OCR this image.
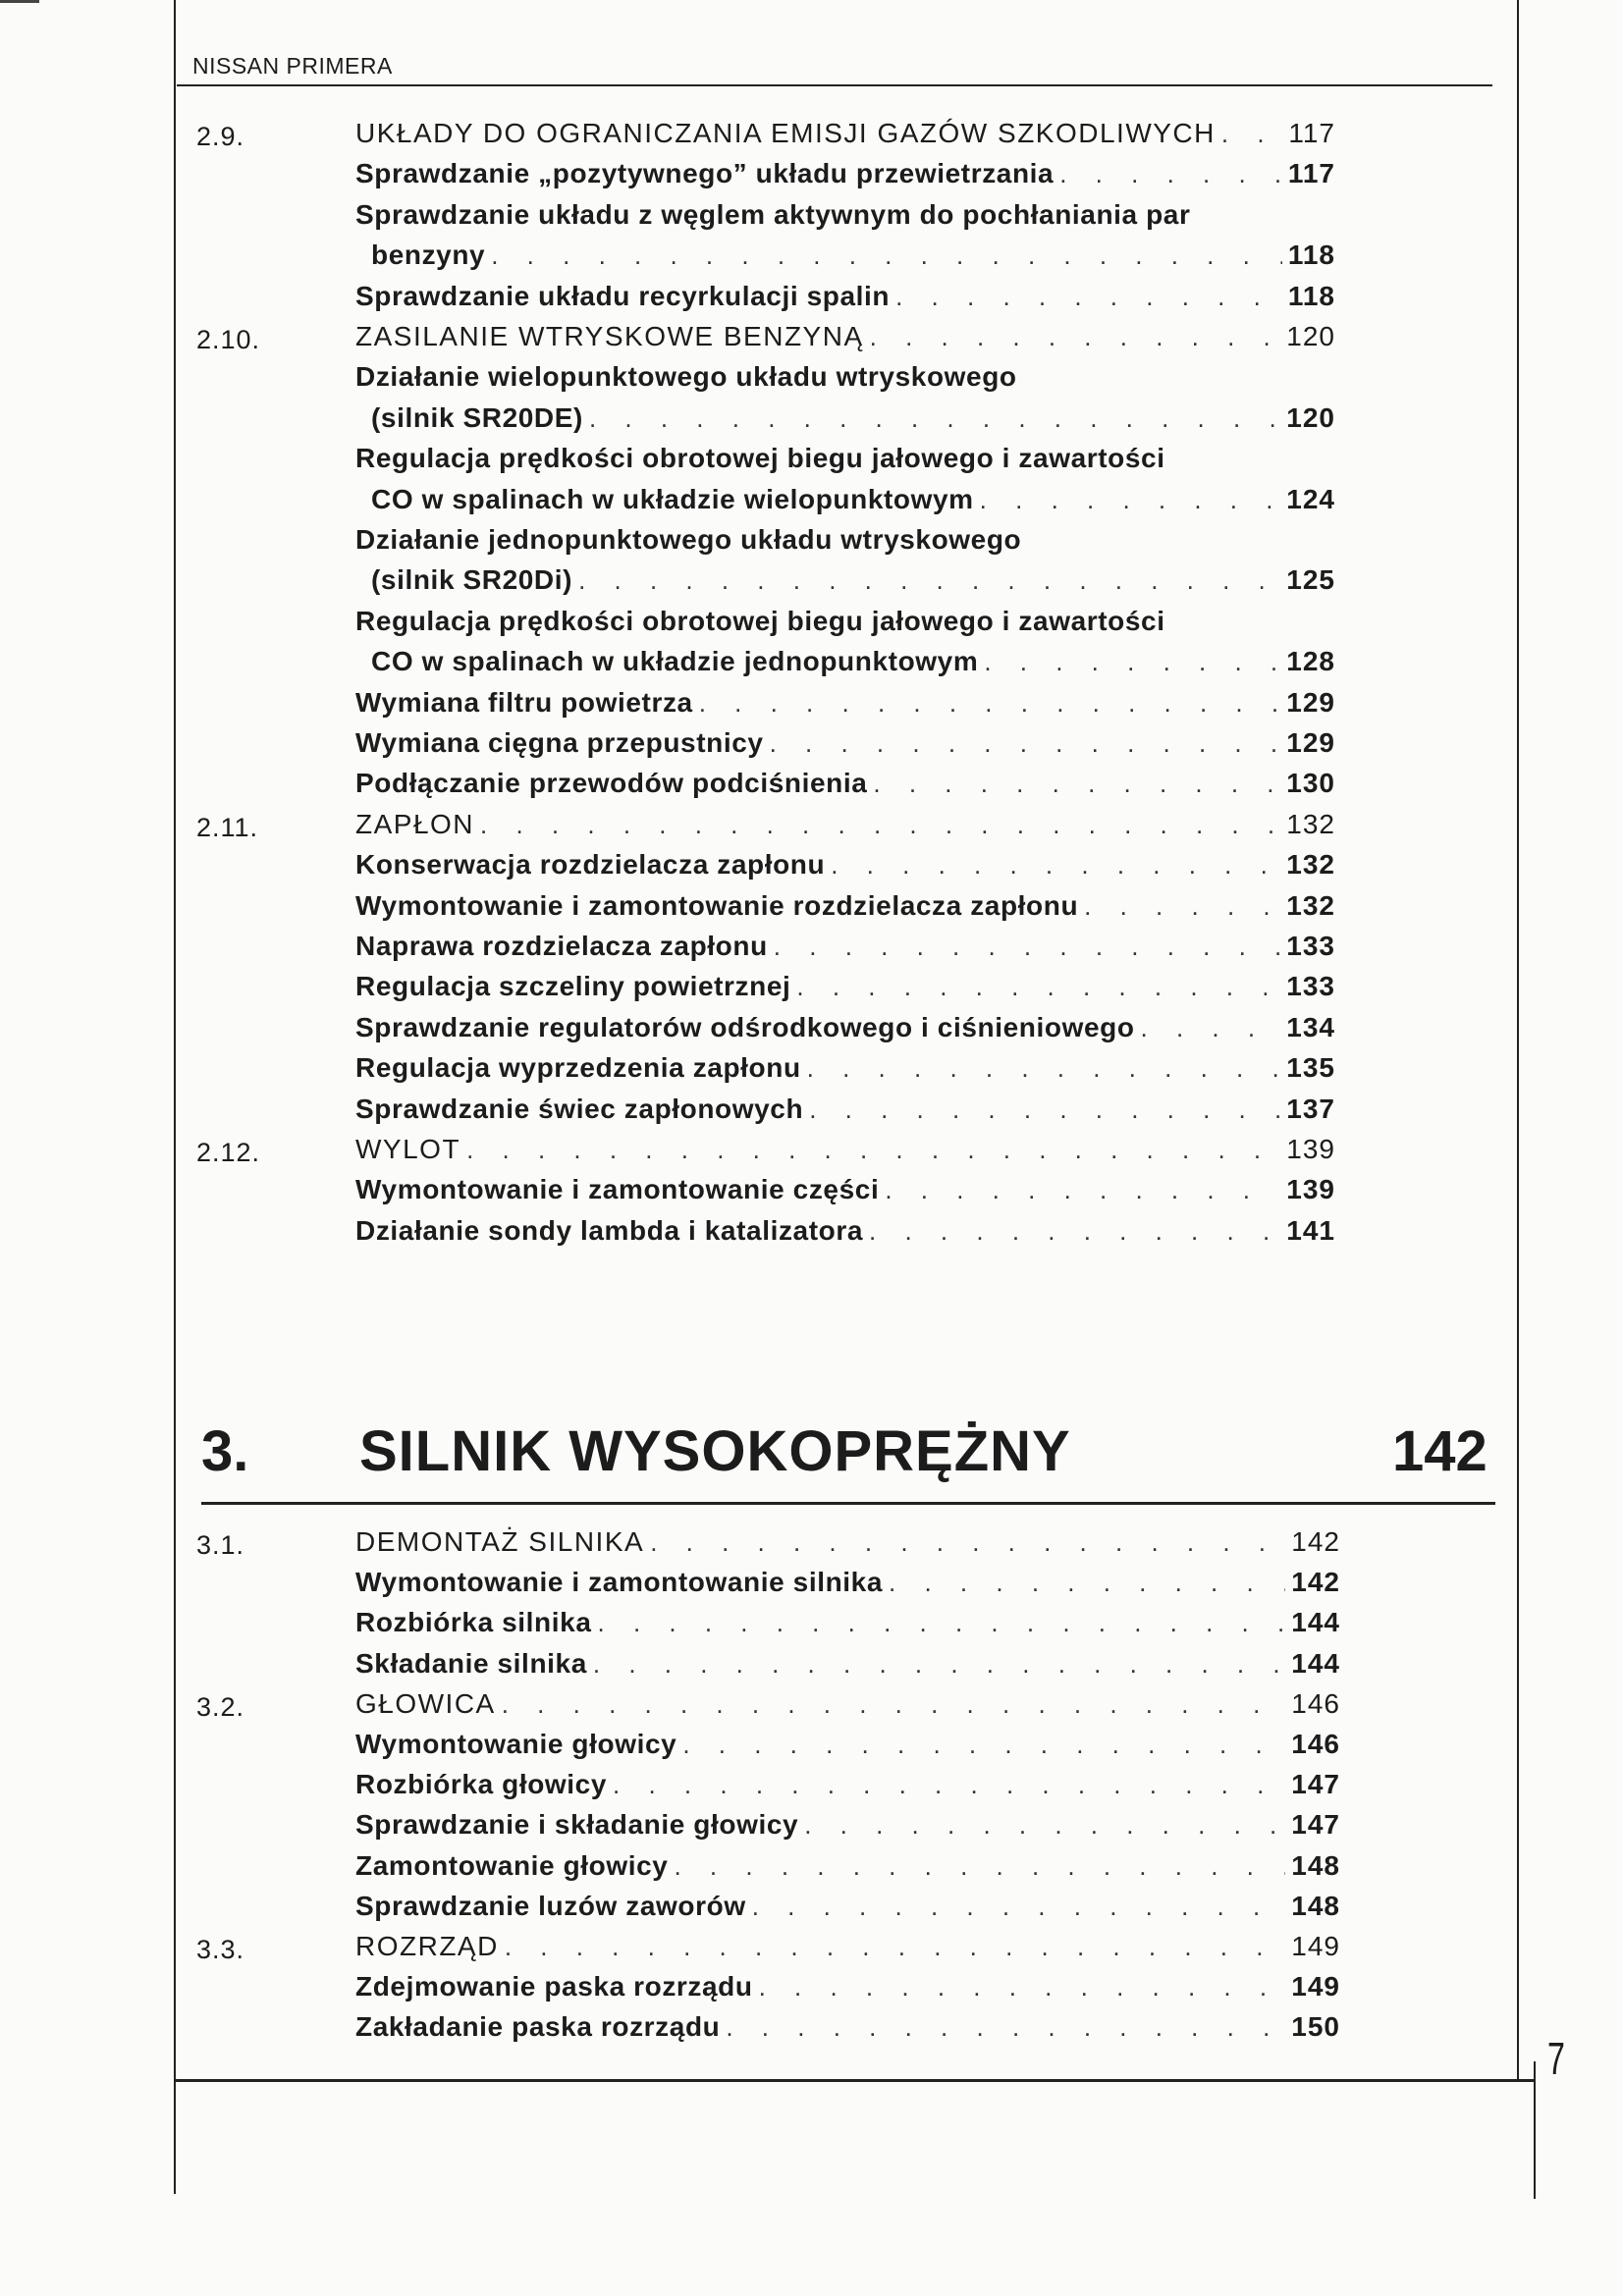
NISSAN PRIMERA
7
2.9.	UKŁADY DO OGRANICZANIA EMISJI GAZÓW SZKODLIWYCH . . .	117
Sprawdzanie „pozytywnego” układu przewietrzania . . .	117
Sprawdzanie układu z węglem aktywnym do pochłaniania par
benzyny . . .	118
Sprawdzanie układu recyrkulacji spalin . . .	118
2.10.	ZASILANIE WTRYSKOWE BENZYNĄ . . .	120
Działanie wielopunktowego układu wtryskowego
(silnik SR20DE) . . .	120
Regulacja prędkości obrotowej biegu jałowego i zawartości
CO w spalinach w układzie wielopunktowym . . .	124
Działanie jednopunktowego układu wtryskowego
(silnik SR20Di) . . .	125
Regulacja prędkości obrotowej biegu jałowego i zawartości
CO w spalinach w układzie jednopunktowym . . .	128
Wymiana filtru powietrza . . .	129
Wymiana cięgna przepustnicy . . .	129
Podłączanie przewodów podciśnienia . . .	130
2.11.	ZAPŁON . . .	132
Konserwacja rozdzielacza zapłonu . . .	132
Wymontowanie i zamontowanie rozdzielacza zapłonu . . .	132
Naprawa rozdzielacza zapłonu . . .	133
Regulacja szczeliny powietrznej . . .	133
Sprawdzanie regulatorów odśrodkowego i ciśnieniowego . . .	134
Regulacja wyprzedzenia zapłonu . . .	135
Sprawdzanie świec zapłonowych . . .	137
2.12.	WYLOT . . .	139
Wymontowanie i zamontowanie części . . .	139
Działanie sondy lambda i katalizatora . . .	141
3. SILNIK WYSOKOPRĘŻNY	142
3.1.	DEMONTAŻ SILNIKA . . .	142
Wymontowanie i zamontowanie silnika . . .	142
Rozbiórka silnika . . .	144
Składanie silnika . . .	144
3.2.	GŁOWICA . . .	146
Wymontowanie głowicy . . .	146
Rozbiórka głowicy . . .	147
Sprawdzanie i składanie głowicy . . .	147
Zamontowanie głowicy . . .	148
Sprawdzanie luzów zaworów . . .	148
3.3.	ROZRZĄD . . .	149
Zdejmowanie paska rozrządu . . .	149
Zakładanie paska rozrządu . . .	150
